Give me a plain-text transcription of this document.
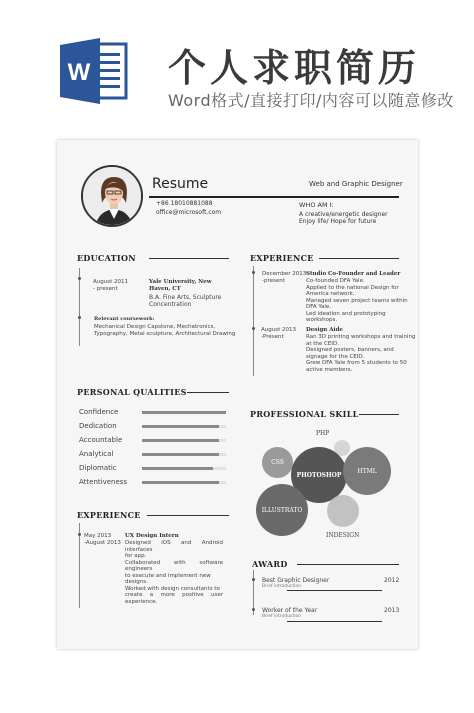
W 个人求职简历
Word格式/直接打印/内容可以随意修改
Resume	Web and Graphic Designer
+86 18010881088
office@microsoft.com
WHO AM I:
A creative/energetic designer
Enjoy life/ Hope for future
EDUCATION
August 2011
- present
Yale University, New
Haven, CT
B.A. Fine Arts, Sculpture
Concentration
Relevant coursework:
Mechanical Design Capstone, Mechatronics,
Typography, Metal sculpture, Architectural Drawing
EXPERIENCE
December 2013
-present
Studio Co-Founder and Leader
Co-founded DFA Yale.
Applied to the national Design for
America network.
Managed seven project teams within
DFA Yale.
Led ideation and prototyping workshops.
August 2013
-Present
Design Aide
Ran 3D printing workshops and training
at the CEID.
Designed posters, banners, and
signage for the CEID.
Grew DFA Yale from 5 students to 50
active members.
PERSONAL QUALITIES
Confidence
Dedication
Accountable
Analytical
Diplomatic
Attentiveness
PROFESSIONAL SKILL
PHP
CSS
PHOTOSHOP
HTML
ILLUSTRATO
INDESIGN
EXPERIENCE
May 2013
-August 2013
UX Design Intern
Designed iOS and Android interfaces
for app.
Collaborated with software engineers
to execute and implement new
designs.
Worked with design consultants to
create a more positive user experience.
AWARD
Best Graphic Designer
Brief introduction
2012
Worker of the Year
Brief introduction
2013
